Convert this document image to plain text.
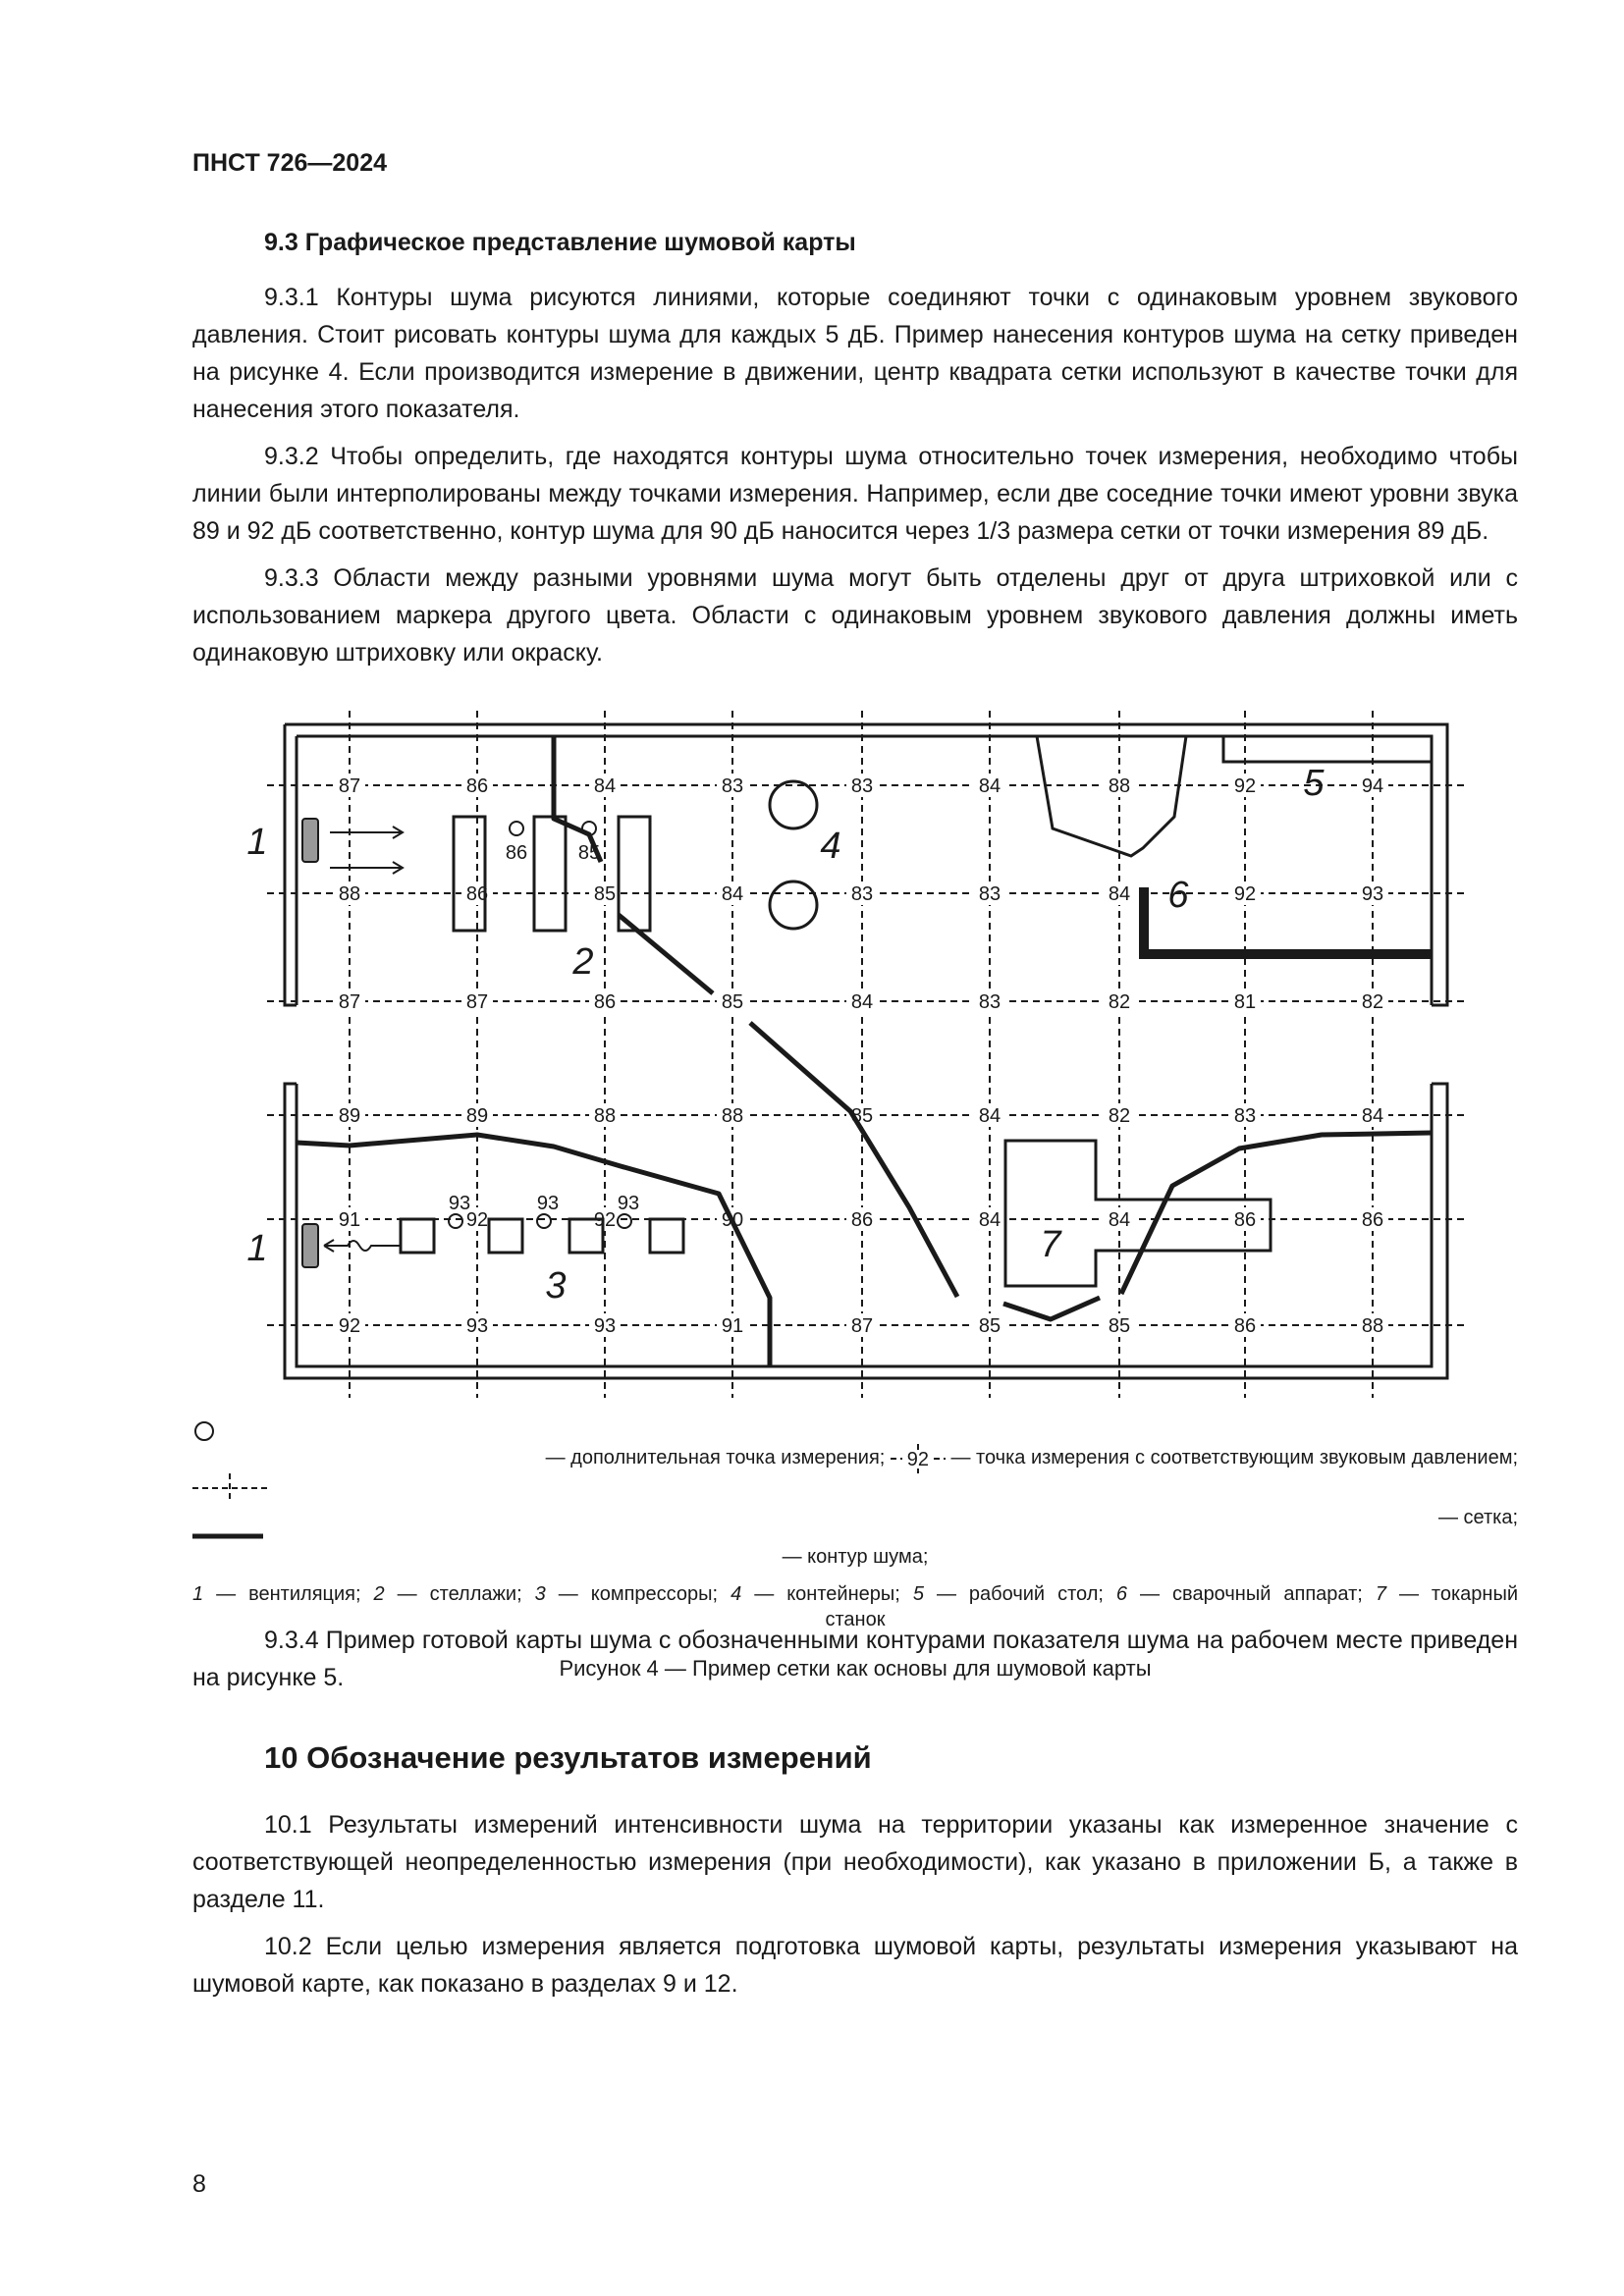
ПНСТ 726—2024
9.3 Графическое представление шумовой карты

9.3.1 Контуры шума рисуются линиями, которые соединяют точки с одинаковым уровнем звукового давления. Стоит рисовать контуры шума для каждых 5 дБ. Пример нанесения контуров шума на сетку приведен на рисунке 4. Если производится измерение в движении, центр квадрата сетки используют в качестве точки для нанесения этого показателя.

9.3.2 Чтобы определить, где находятся контуры шума относительно точек измерения, необходимо чтобы линии были интерполированы между точками измерения. Например, если две соседние точки имеют уровни звука 89 и 92 дБ соответственно, контур шума для 90 дБ наносится через 1/3 размера сетки от точки измерения 89 дБ.

9.3.3 Области между разными уровнями шума могут быть отделены друг от друга штриховкой или с использованием маркера другого цвета. Области с одинаковым уровнем звукового давления должны иметь одинаковую штриховку или окраску.

87	86	84	83	83	84	88	92	94
88	86	85	84	83	83	84	92	93
87	87	86	85	84	83	82	81	82
89	89	88	88	85	84	82	83	84
91	92	92	90	86	84	84	86	86
92	93	93	91	87	85	85	86	88
86	85
93	93	93
1
1
2
3
4
5
6
7
— дополнительная точка измерения;	92	— точка измерения с соответствующим звуковым давлением;
— сетка;
— контур шума;
1 — вентиляция; 2 — стеллажи; 3 — компрессоры; 4 — контейнеры; 5 — рабочий стол; 6 — сварочный аппарат; 7 — токарный
станок
Рисунок 4 — Пример сетки как основы для шумовой карты

9.3.4 Пример готовой карты шума с обозначенными контурами показателя шума на рабочем месте приведен на рисунке 5.

10 Обозначение результатов измерений

10.1 Результаты измерений интенсивности шума на территории указаны как измеренное значение с соответствующей неопределенностью измерения (при необходимости), как указано в приложении Б, а также в разделе 11.

10.2 Если целью измерения является подготовка шумовой карты, результаты измерения указывают на шумовой карте, как показано в разделах 9 и 12.

8
